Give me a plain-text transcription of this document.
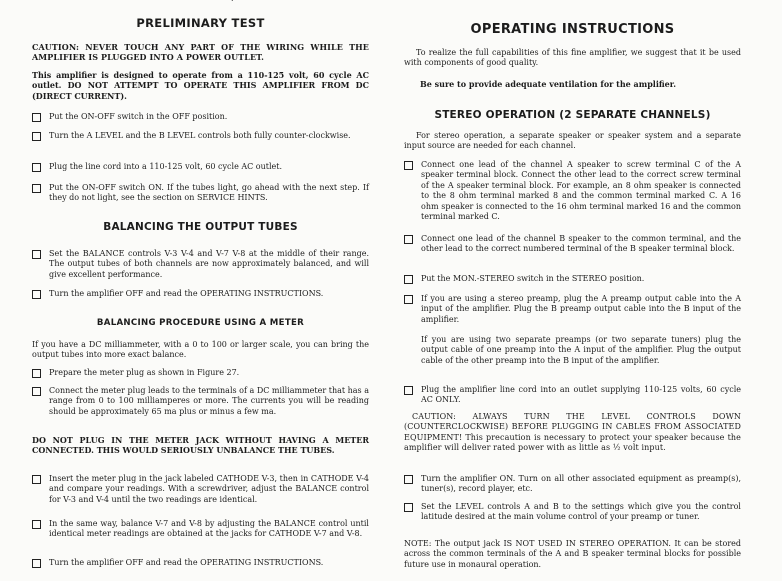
˙
PRELIMINARY TEST
CAUTION: NEVER TOUCH ANY PART OF THE WIRING WHILE THE AMPLIFIER IS PLUGGED INTO A POWER OUTLET.
This amplifier is designed to operate from a 110-125 volt, 60 cycle AC outlet. DO NOT ATTEMPT TO OPERATE THIS AMPLIFIER FROM DC (DIRECT CURRENT).
Put the ON-OFF switch in the OFF position.
Turn the A LEVEL and the B LEVEL controls both fully counter-clockwise.
Plug the line cord into a 110-125 volt, 60 cycle AC outlet.
Put the ON-OFF switch ON. If the tubes light, go ahead with the next step. If they do not light, see the section on SERVICE HINTS.
BALANCING THE OUTPUT TUBES
Set the BALANCE controls V-3 V-4 and V-7 V-8 at the middle of their range. The output tubes of both channels are now approximately balanced, and will give excellent performance.
Turn the amplifier OFF and read the OPERATING INSTRUCTIONS.
BALANCING PROCEDURE USING A METER
If you have a DC milliammeter, with a 0 to 100 or larger scale, you can bring the output tubes into more exact balance.
Prepare the meter plug as shown in Figure 27.
Connect the meter plug leads to the terminals of a DC milliammeter that has a range from 0 to 100 milliamperes or more. The currents you will be reading should be approximately 65 ma plus or minus a few ma.
DO NOT PLUG IN THE METER JACK WITHOUT HAVING A METER CONNECTED. THIS WOULD SERIOUSLY UNBALANCE THE TUBES.
Insert the meter plug in the jack labeled CATHODE V-3, then in CATHODE V-4 and compare your readings. With a screwdriver, adjust the BALANCE control for V-3 and V-4 until the two readings are identical.
In the same way, balance V-7 and V-8 by adjusting the BALANCE control until identical meter readings are obtained at the jacks for CATHODE V-7 and V-8.
Turn the amplifier OFF and read the OPERATING INSTRUCTIONS.
OPERATING INSTRUCTIONS
To realize the full capabilities of this fine amplifier, we suggest that it be used with components of good quality.
Be sure to provide adequate ventilation for the amplifier.
STEREO OPERATION (2 SEPARATE CHANNELS)
For stereo operation, a separate speaker or speaker system and a separate input source are needed for each channel.
Connect one lead of the channel A speaker to screw terminal C of the A speaker terminal block. Connect the other lead to the correct screw terminal of the A speaker terminal block. For example, an 8 ohm speaker is connected to the 8 ohm terminal marked 8 and the common terminal marked C. A 16 ohm speaker is connected to the 16 ohm terminal marked 16 and the common terminal marked C.
Connect one lead of the channel B speaker to the common terminal, and the other lead to the correct numbered terminal of the B speaker terminal block.
Put the MON.-STEREO switch in the STEREO position.
If you are using a stereo preamp, plug the A preamp output cable into the A input of the amplifier. Plug the B preamp output cable into the B input of the amplifier.
If you are using two separate preamps (or two separate tuners) plug the output cable of one preamp into the A input of the amplifier. Plug the output cable of the other preamp into the B input of the amplifier.
Plug the amplifier line cord into an outlet supplying 110-125 volts, 60 cycle AC ONLY.
CAUTION: ALWAYS TURN THE LEVEL CONTROLS DOWN (COUNTERCLOCKWISE) BEFORE PLUGGING IN CABLES FROM ASSOCIATED EQUIPMENT! This precaution is necessary to protect your speaker because the amplifier will deliver rated power with as little as ½ volt input.
Turn the amplifier ON. Turn on all other associated equipment as preamp(s), tuner(s), record player, etc.
Set the LEVEL controls A and B to the settings which give you the control latitude desired at the main volume control of your preamp or tuner.
NOTE: The output jack IS NOT USED IN STEREO OPERATION. It can be stored across the common terminals of the A and B speaker terminal blocks for possible future use in monaural operation.
